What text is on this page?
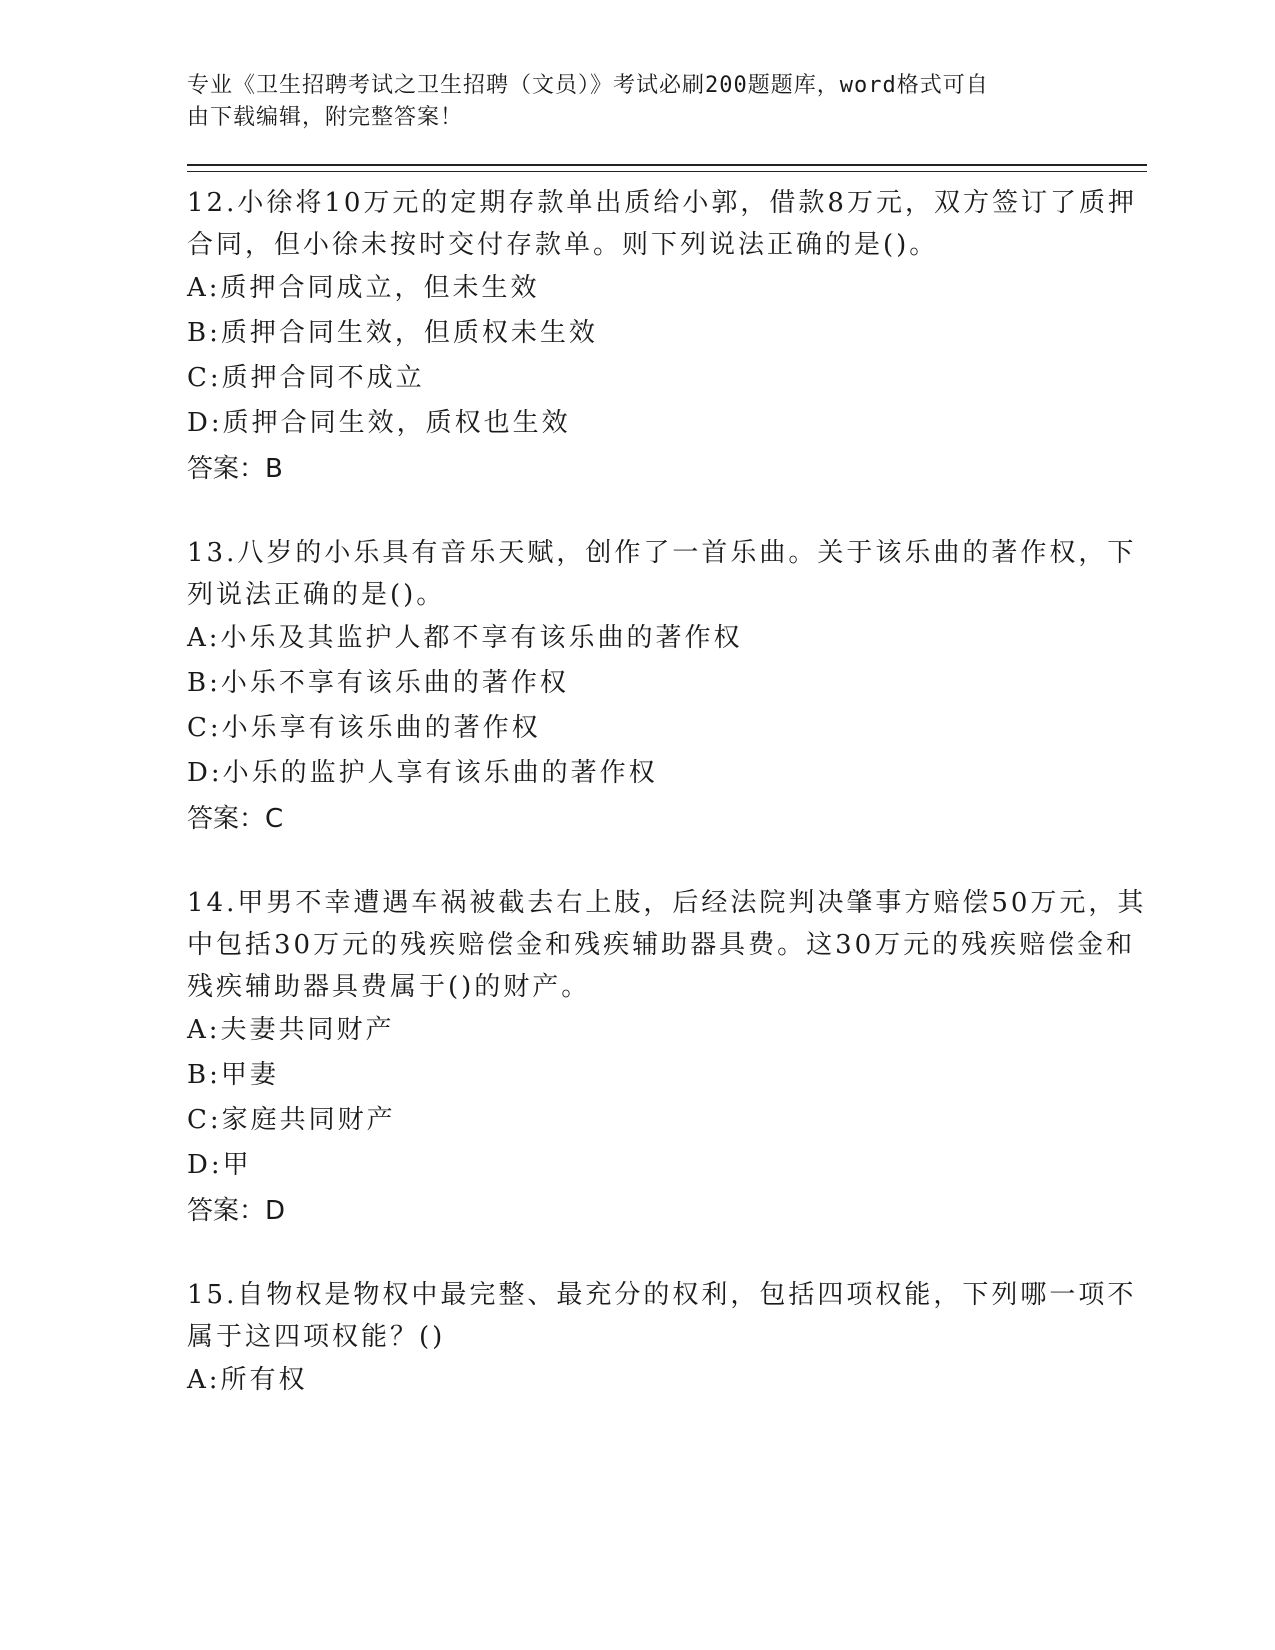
专业《卫生招聘考试之卫生招聘（文员）》考试必刷200题题库，word格式可自
由下载编辑，附完整答案！
12.小徐将10万元的定期存款单出质给小郭，借款8万元，双方签订了质押合同，但小徐未按时交付存款单。则下列说法正确的是()。
A:质押合同成立，但未生效
B:质押合同生效，但质权未生效
C:质押合同不成立
D:质押合同生效，质权也生效
答案：B
13.八岁的小乐具有音乐天赋，创作了一首乐曲。关于该乐曲的著作权，下列说法正确的是()。
A:小乐及其监护人都不享有该乐曲的著作权
B:小乐不享有该乐曲的著作权
C:小乐享有该乐曲的著作权
D:小乐的监护人享有该乐曲的著作权
答案：C
14.甲男不幸遭遇车祸被截去右上肢，后经法院判决肇事方赔偿50万元，其中包括30万元的残疾赔偿金和残疾辅助器具费。这30万元的残疾赔偿金和残疾辅助器具费属于()的财产。
A:夫妻共同财产
B:甲妻
C:家庭共同财产
D:甲
答案：D
15.自物权是物权中最完整、最充分的权利，包括四项权能，下列哪一项不属于这四项权能？()
A:所有权
